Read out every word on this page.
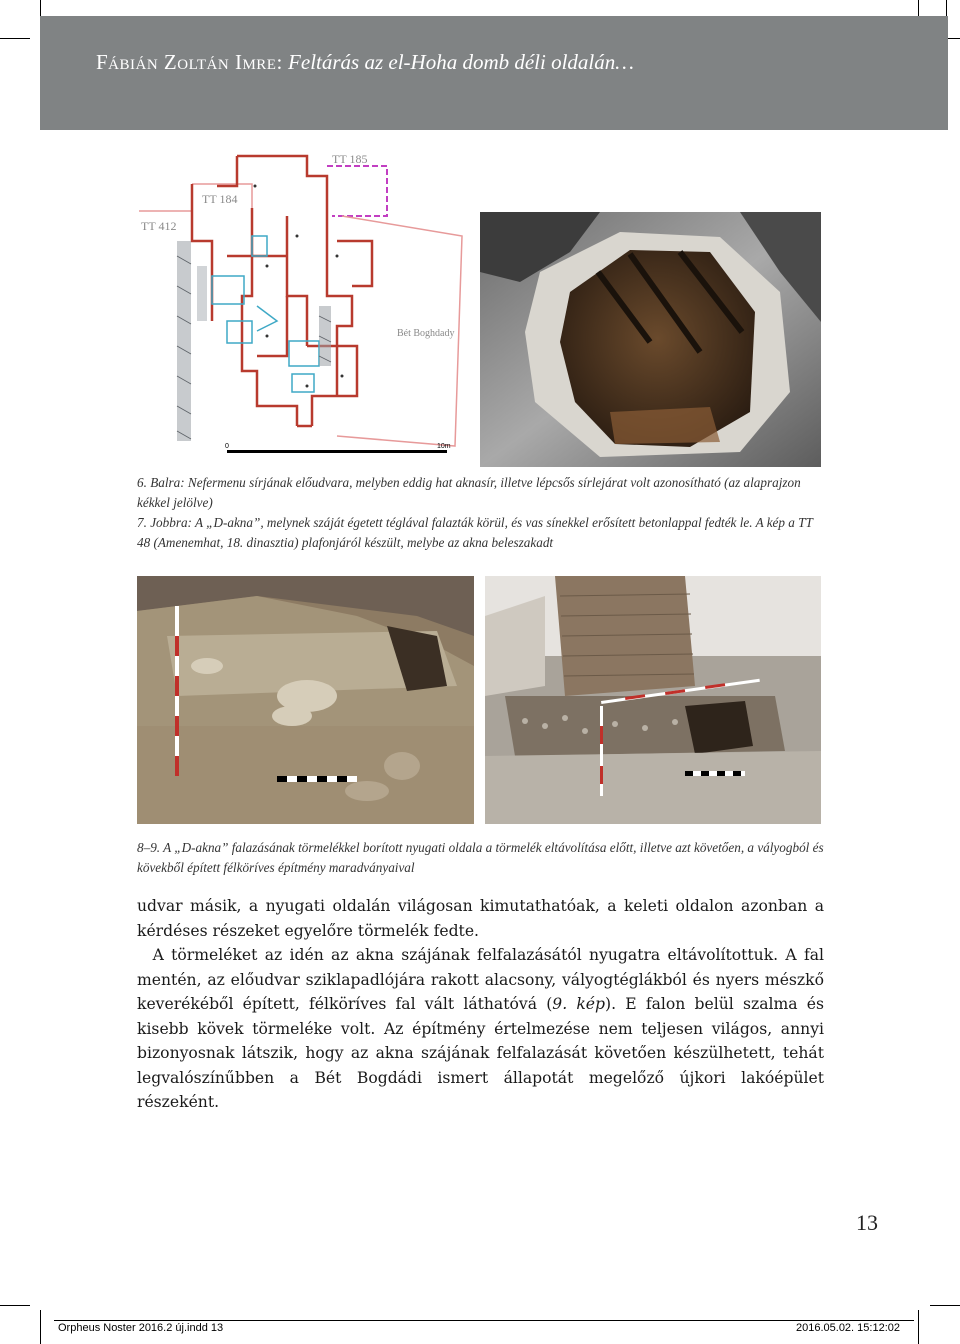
Fábián Zoltán Imre: Feltárás az el-Hoha domb déli oldalán…
TT 185
TT 184
TT 412
Bét Boghdady
0	10m

6. Balra: Nefermenu sírjának előudvara, melyben eddig hat aknasír, illetve lépcsős sírlejárat volt azonosítható (az alaprajzon kékkel jelölve)

7. Jobbra: A „D-akna”, melynek száját égetett téglával falazták körül, és vas sínekkel erősített betonlappal fedték le. A kép a TT 48 (Amenemhat, 18. dinasztia) plafonjáról készült, melybe az akna beleszakadt

8–9. A „D-akna” falazásának törmelékkel borított nyugati oldala a törmelék eltávolítása előtt, illetve azt követően, a vályogból és kövekből épített félköríves építmény maradványaival

udvar másik, a nyugati oldalán világosan kimutathatóak, a keleti oldalon azonban a kérdéses részeket egyelőre törmelék fedte.

A törmeléket az idén az akna szájának felfalazásától nyugatra eltávolítottuk. A fal mentén, az előudvar sziklapadlójára rakott alacsony, vályogtéglákból és nyers mészkő keverékéből épített, félköríves fal vált láthatóvá (9. kép). E falon belül szalma és kisebb kövek törmeléke volt. Az építmény értelmezése nem teljesen világos, annyi bizonyosnak látszik, hogy az akna szájának felfalazását követően készülhetett, tehát legvalószínűbben a Bét Bogdádi ismert állapotát megelőző újkori lakóépület részeként.

13
Orpheus Noster 2016.2 új.indd 13	2016.05.02. 15:12:02
